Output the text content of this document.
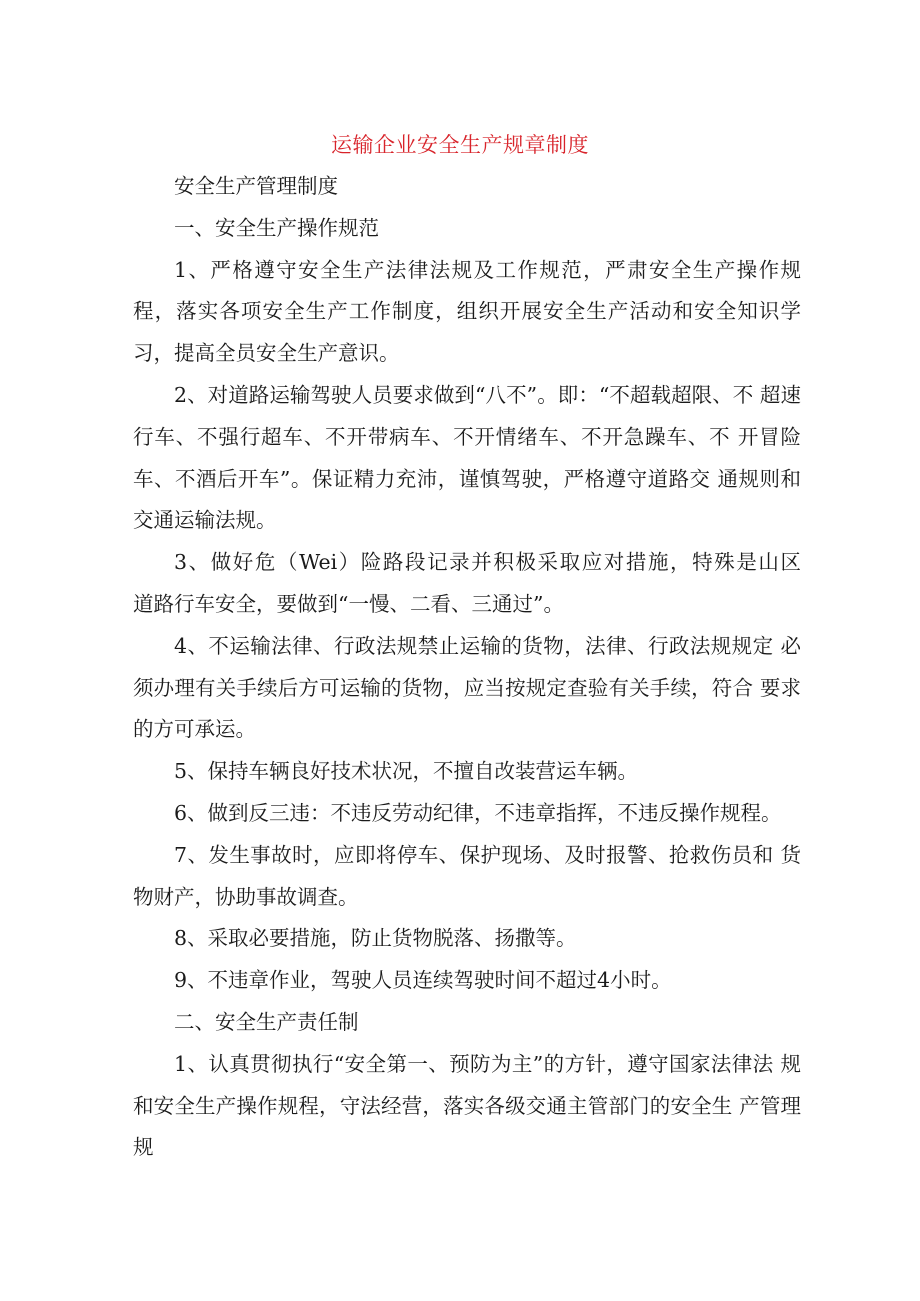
运输企业安全生产规章制度

安全生产管理制度

一、安全生产操作规范

1、严格遵守安全生产法律法规及工作规范，严肃安全生产操作规 程，落实各项安全生产工作制度，组织开展安全生产活动和安全知识学 习，提高全员安全生产意识。

2、对道路运输驾驶人员要求做到“八不”。即：“不超载超限、不 超速行车、不强行超车、不开带病车、不开情绪车、不开急躁车、不 开冒险车、不酒后开车”。保证精力充沛，谨慎驾驶，严格遵守道路交 通规则和交通运输法规。

3、做好危（Wei）险路段记录并积极采取应对措施，特殊是山区　 道路行车安全，要做到“一慢、二看、三通过”。

4、不运输法律、行政法规禁止运输的货物，法律、行政法规规定 必须办理有关手续后方可运输的货物，应当按规定查验有关手续，符合 要求的方可承运。

5、保持车辆良好技术状况，不擅自改装营运车辆。

6、做到反三违：不违反劳动纪律，不违章指挥，不违反操作规程。

7、发生事故时，应即将停车、保护现场、及时报警、抢救伤员和 货物财产，协助事故调查。

8、采取必要措施，防止货物脱落、扬撒等。

9、不违章作业，驾驶人员连续驾驶时间不超过4小时。

二、安全生产责任制

1、认真贯彻执行“安全第一、预防为主”的方针，遵守国家法律法 规和安全生产操作规程，守法经营，落实各级交通主管部门的安全生 产管理规
